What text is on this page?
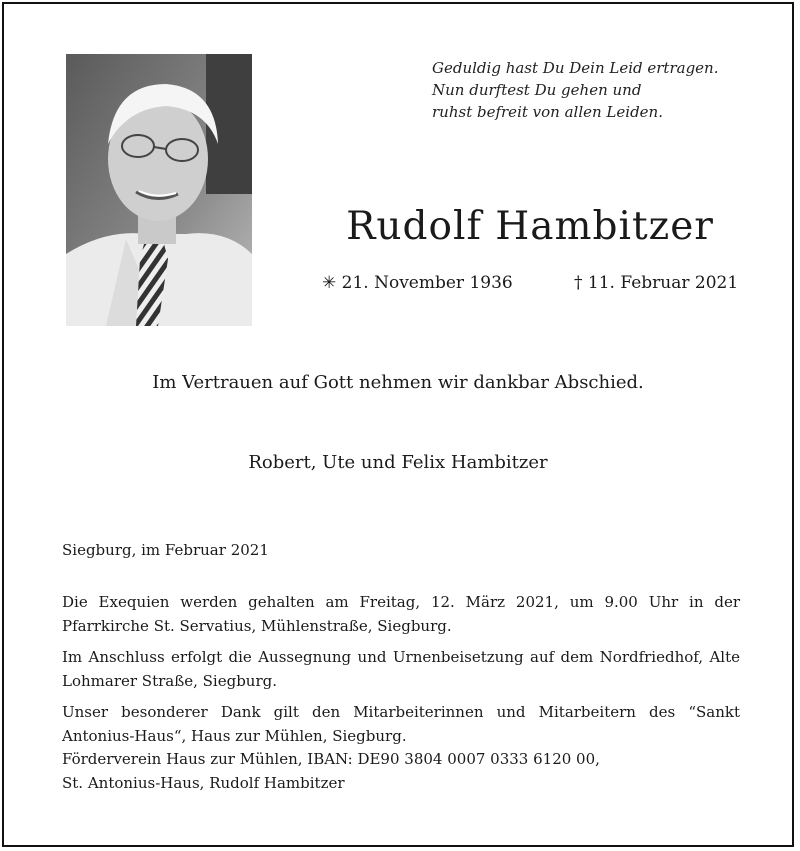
Geduldig hast Du Dein Leid ertragen.
Nun durftest Du gehen und
ruhst befreit von allen Leiden.
Rudolf Hambitzer
✳ 21. November 1936	† 11. Februar 2021
Im Vertrauen auf Gott nehmen wir dankbar Abschied.
Robert, Ute und Felix Hambitzer
Siegburg, im Februar 2021

Die Exequien werden gehalten am Freitag, 12. März 2021, um 9.00 Uhr in der Pfarrkirche St. Servatius, Mühlenstraße, Siegburg.

Im Anschluss erfolgt die Aussegnung und Urnenbeisetzung auf dem Nordfriedhof, Alte Lohmarer Straße, Siegburg.

Unser besonderer Dank gilt den Mitarbeiterinnen und Mitarbeitern des “Sankt Antonius-Haus“, Haus zur Mühlen, Siegburg.

Förderverein Haus zur Mühlen, IBAN: DE90 3804 0007 0333 6120 00,
St. Antonius-Haus, Rudolf Hambitzer
